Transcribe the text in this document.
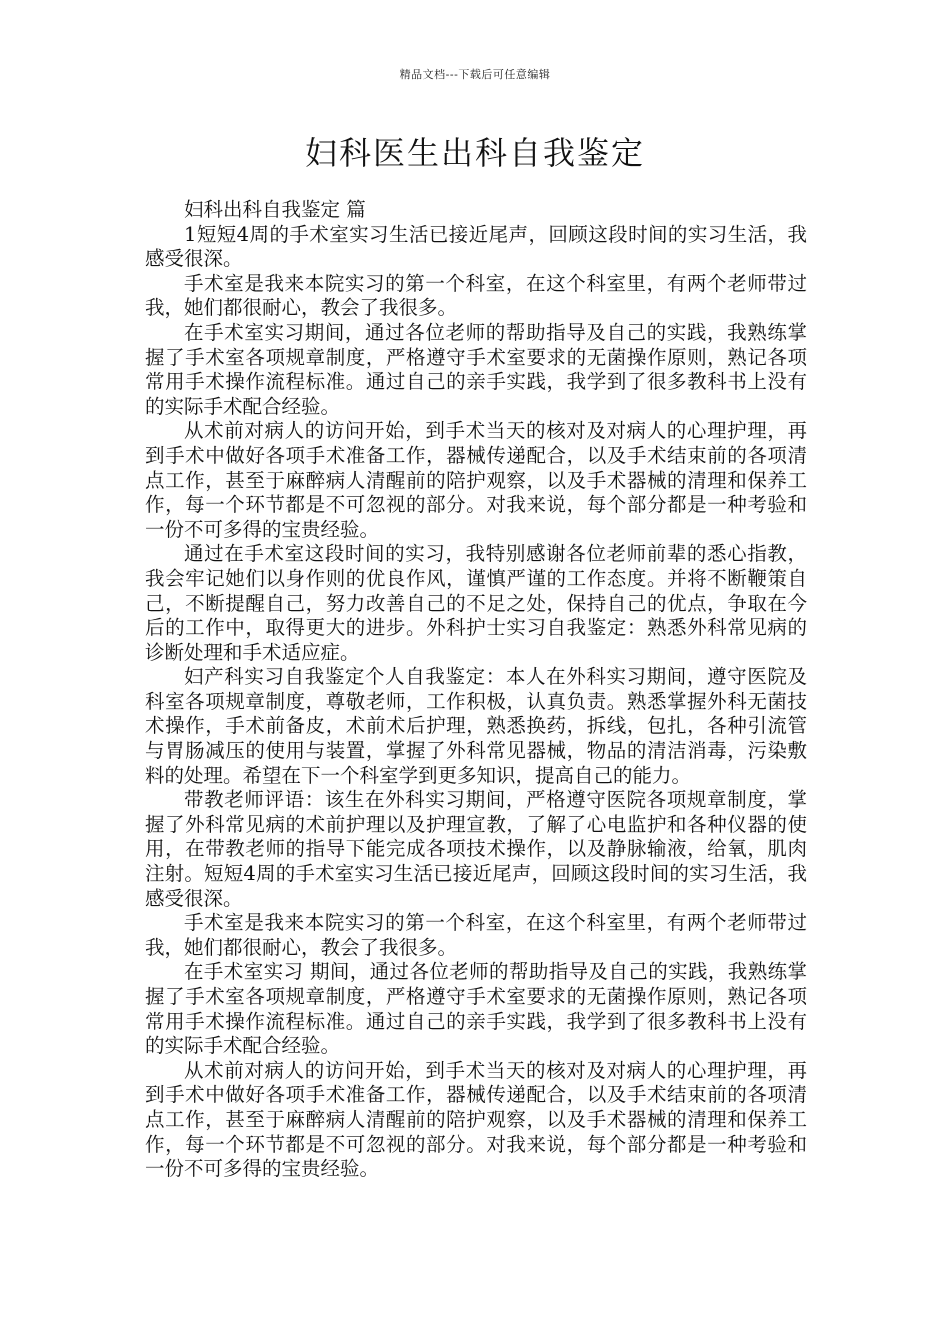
精品文档---下载后可任意编辑
妇科医生出科自我鉴定

妇科出科自我鉴定 篇

1短短4周的手术室实习生活已接近尾声，回顾这段时间的实习生活，我感受很深。

手术室是我来本院实习的第一个科室，在这个科室里，有两个老师带过我，她们都很耐心，教会了我很多。

在手术室实习期间，通过各位老师的帮助指导及自己的实践，我熟练掌握了手术室各项规章制度，严格遵守手术室要求的无菌操作原则，熟记各项常用手术操作流程标准。通过自己的亲手实践，我学到了很多教科书上没有的实际手术配合经验。

从术前对病人的访问开始，到手术当天的核对及对病人的心理护理，再到手术中做好各项手术准备工作，器械传递配合，以及手术结束前的各项清点工作，甚至于麻醉病人清醒前的陪护观察，以及手术器械的清理和保养工作，每一个环节都是不可忽视的部分。对我来说，每个部分都是一种考验和一份不可多得的宝贵经验。

通过在手术室这段时间的实习，我特别感谢各位老师前辈的悉心指教，我会牢记她们以身作则的优良作风，谨慎严谨的工作态度。并将不断鞭策自己，不断提醒自己，努力改善自己的不足之处，保持自己的优点，争取在今后的工作中，取得更大的进步。外科护士实习自我鉴定：熟悉外科常见病的诊断处理和手术适应症。

妇产科实习自我鉴定个人自我鉴定：本人在外科实习期间，遵守医院及科室各项规章制度，尊敬老师，工作积极，认真负责。熟悉掌握外科无菌技术操作，手术前备皮，术前术后护理，熟悉换药，拆线，包扎，各种引流管与胃肠减压的使用与装置，掌握了外科常见器械，物品的清洁消毒，污染敷料的处理。希望在下一个科室学到更多知识，提高自己的能力。

带教老师评语：该生在外科实习期间，严格遵守医院各项规章制度，掌握了外科常见病的术前护理以及护理宣教，了解了心电监护和各种仪器的使用，在带教老师的指导下能完成各项技术操作，以及静脉输液，给氧，肌肉注射。短短4周的手术室实习生活已接近尾声，回顾这段时间的实习生活，我感受很深。

手术室是我来本院实习的第一个科室，在这个科室里，有两个老师带过我，她们都很耐心，教会了我很多。

在手术室实习 期间，通过各位老师的帮助指导及自己的实践，我熟练掌握了手术室各项规章制度，严格遵守手术室要求的无菌操作原则，熟记各项常用手术操作流程标准。通过自己的亲手实践，我学到了很多教科书上没有的实际手术配合经验。

从术前对病人的访问开始，到手术当天的核对及对病人的心理护理，再到手术中做好各项手术准备工作，器械传递配合，以及手术结束前的各项清点工作，甚至于麻醉病人清醒前的陪护观察，以及手术器械的清理和保养工作，每一个环节都是不可忽视的部分。对我来说，每个部分都是一种考验和一份不可多得的宝贵经验。
